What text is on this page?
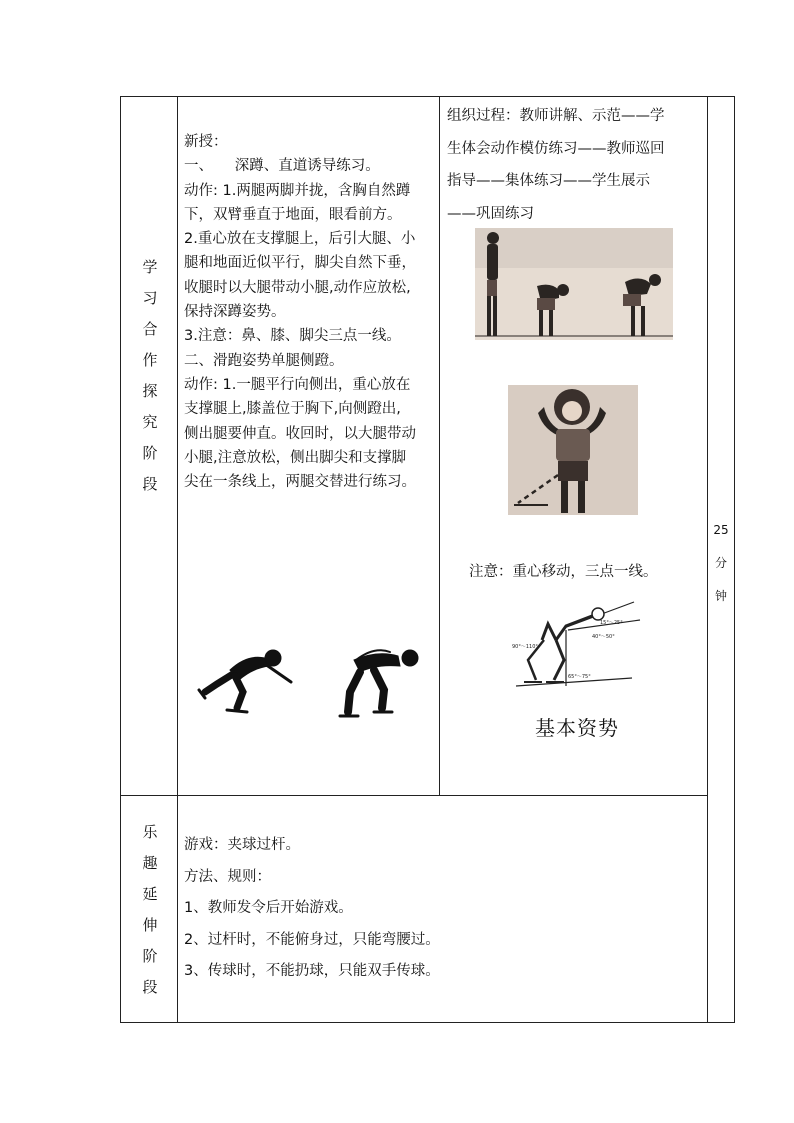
学
习
合
作
探
究
阶
段
乐
趣
延
伸
阶
段
25
分
钟

新授：

一、　　深蹲、直道诱导练习。

动作: 1.两腿两脚并拢，含胸自然蹲

下，双臂垂直于地面，眼看前方。

2.重心放在支撑腿上，后引大腿、小

腿和地面近似平行，脚尖自然下垂，

收腿时以大腿带动小腿,动作应放松,

保持深蹲姿势。

3.注意：鼻、膝、脚尖三点一线。

二、滑跑姿势单腿侧蹬。

动作: 1.一腿平行向侧出，重心放在

支撑腿上,膝盖位于胸下,向侧蹬出,

侧出腿要伸直。收回时，以大腿带动

小腿,注意放松，侧出脚尖和支撑脚

尖在一条线上，两腿交替进行练习。

组织过程：教师讲解、示范——学

生体会动作模仿练习——教师巡回

指导——集体练习——学生展示

——巩固练习

注意：重心移动，三点一线。
15°～25°
40°～50°
90°～110°
65°～75°
基本资势

游戏：夹球过杆。

方法、规则：

1、教师发令后开始游戏。

2、过杆时，不能俯身过，只能弯腰过。

3、传球时，不能扔球，只能双手传球。
